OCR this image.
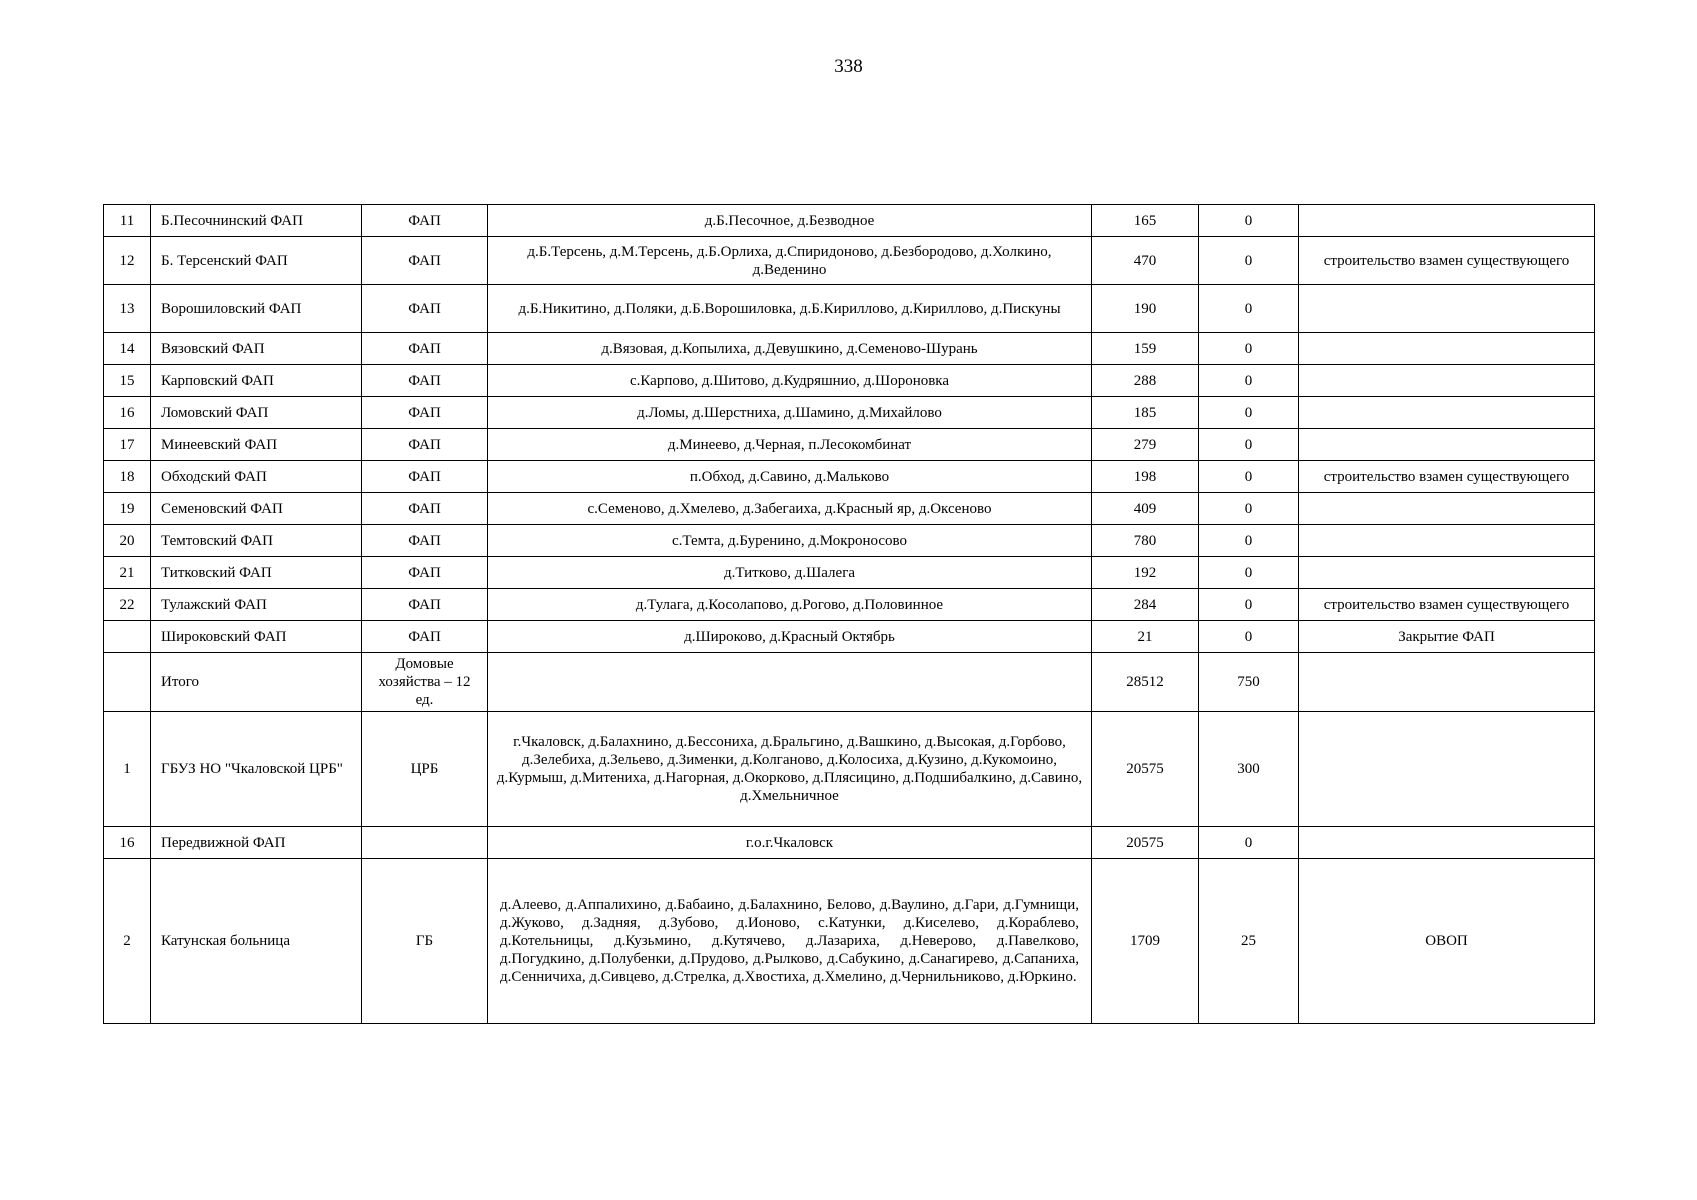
338
11	Б.Песочнинский ФАП	ФАП	д.Б.Песочное, д.Безводное	165	0	
12	Б. Терсенский ФАП	ФАП	д.Б.Терсень, д.М.Терсень, д.Б.Орлиха, д.Спиридоново, д.Безбородово, д.Холкино, д.Веденино	470	0	строительство взамен существующего
13	Ворошиловский ФАП	ФАП	д.Б.Никитино, д.Поляки, д.Б.Ворошиловка, д.Б.Кириллово, д.Кириллово, д.Пискуны	190	0	
14	Вязовский ФАП	ФАП	д.Вязовая, д.Копылиха, д.Девушкино, д.Семеново-Шурань	159	0	
15	Карповский ФАП	ФАП	с.Карпово, д.Шитово, д.Кудряшнио, д.Шороновка	288	0	
16	Ломовский ФАП	ФАП	д.Ломы, д.Шерстниха, д.Шамино, д.Михайлово	185	0	
17	Минеевский ФАП	ФАП	д.Минеево, д.Черная, п.Лесокомбинат	279	0	
18	Обходский ФАП	ФАП	п.Обход, д.Савино, д.Мальково	198	0	строительство взамен существующего
19	Семеновский ФАП	ФАП	с.Семеново, д.Хмелево, д.Забегаиха, д.Красный яр, д.Оксеново	409	0	
20	Темтовский ФАП	ФАП	с.Темта, д.Буренино, д.Мокроносово	780	0	
21	Титковский ФАП	ФАП	д.Титково, д.Шалега	192	0	
22	Тулажский ФАП	ФАП	д.Тулага, д.Косолапово, д.Рогово, д.Половинное	284	0	строительство взамен существующего
	Широковский ФАП	ФАП	д.Широково, д.Красный Октябрь	21	0	Закрытие ФАП
	Итого	Домовые хозяйства – 12 ед.		28512	750	
1	ГБУЗ НО "Чкаловской ЦРБ"	ЦРБ	г.Чкаловск, д.Балахнино, д.Бессониха, д.Бральгино, д.Вашкино, д.Высокая, д.Горбово, д.Зелебиха, д.Зельево, д.Зименки, д.Колганово, д.Колосиха, д.Кузино, д.Кукомоино, д.Курмыш, д.Митениха, д.Нагорная, д.Окорково, д.Плясицино, д.Подшибалкино, д.Савино, д.Хмельничное	20575	300	
16	Передвижной ФАП		г.о.г.Чкаловск	20575	0	
2	Катунская больница	ГБ	д.Алеево, д.Аппалихино, д.Бабаино, д.Балахнино, Белово, д.Ваулино, д.Гари, д.Гумнищи, д.Жуково, д.Задняя, д.Зубово, д.Ионово, с.Катунки, д.Киселево, д.Кораблево, д.Котельницы, д.Кузьмино, д.Кутячево, д.Лазариха, д.Неверово, д.Павелково, д.Погудкино, д.Полубенки, д.Прудово, д.Рылково, д.Сабукино, д.Санагирево, д.Сапаниха, д.Сенничиха, д.Сивцево, д.Стрелка, д.Хвостиха, д.Хмелино, д.Чернильниково, д.Юркино.	1709	25	ОВОП
